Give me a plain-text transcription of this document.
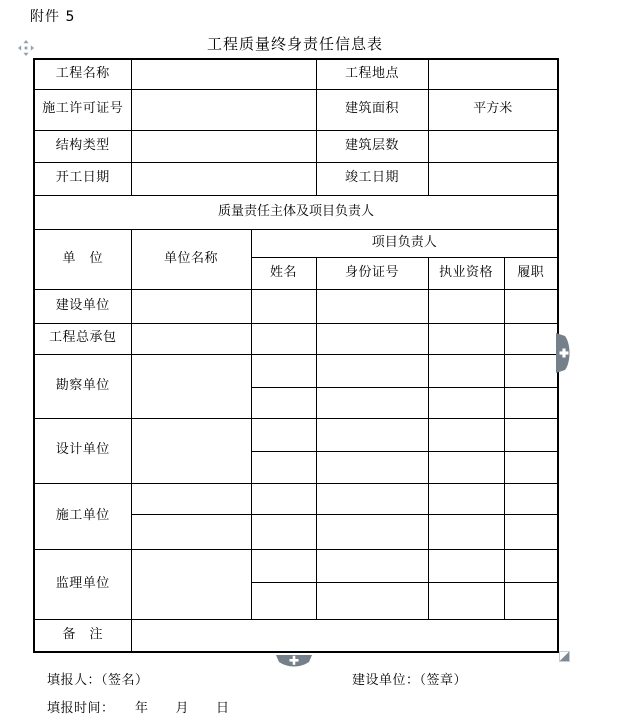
附件 5
工程质量终身责任信息表
工程名称			工程地点		
施工许可证号			建筑面积	平方米	
结构类型			建筑层数		
开工日期			竣工日期		
质量责任主体及项目负责人					
单　位	单位名称	项目负责人			
		姓名	身份证号	执业资格	履职
建设单位					
工程总承包					
勘察单位					

设计单位					

施工单位					

监理单位					

备　注					
填报人：（签名）	建设单位：（签章）
填报时间：　　年　　月　　日
